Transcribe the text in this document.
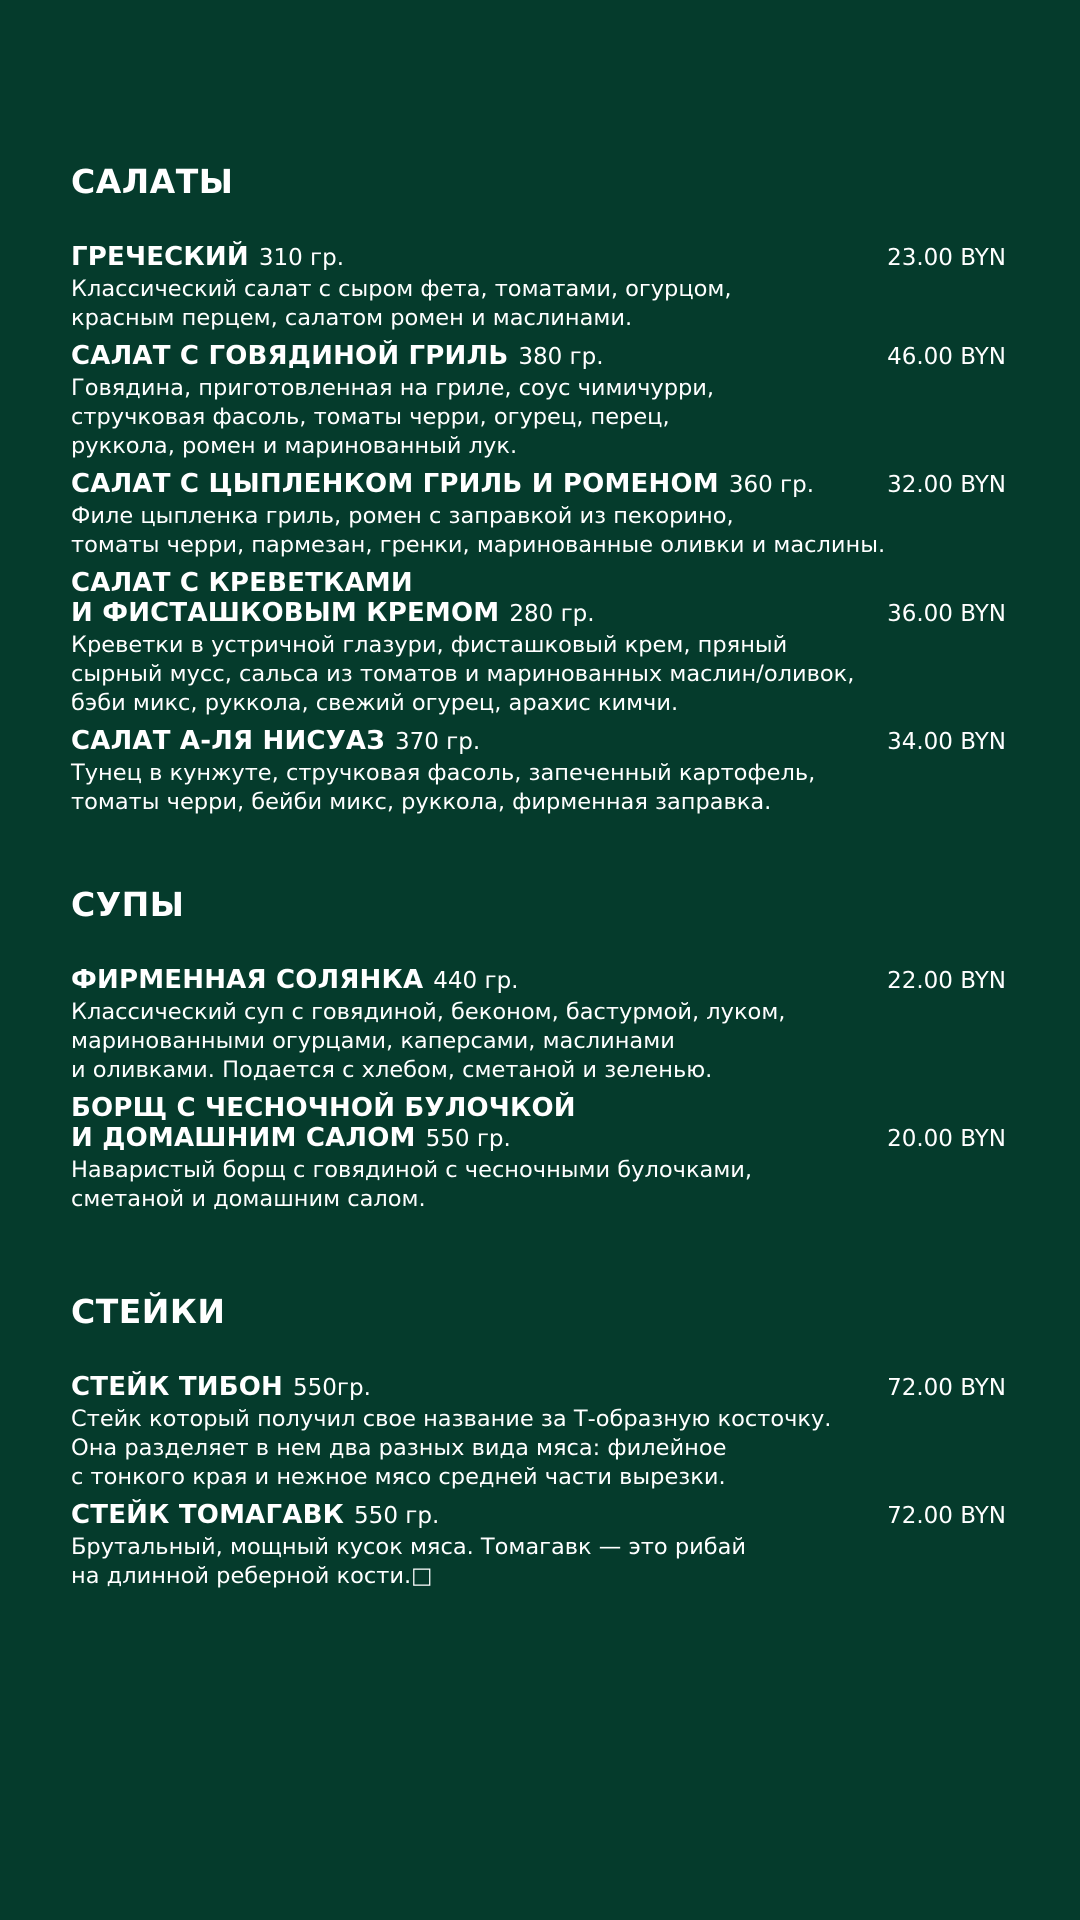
САЛАТЫ
ГРЕЧЕСКИЙ 310 гр.	23.00 BYN
Классический салат с сыром фета, томатами, огурцом,
красным перцем, салатом ромен и маслинами.
САЛАТ С ГОВЯДИНОЙ ГРИЛЬ 380 гр.	46.00 BYN
Говядина, приготовленная на гриле, соус чимичурри,
стручковая фасоль, томаты черри, огурец, перец,
руккола, ромен и маринованный лук.
САЛАТ С ЦЫПЛЕНКОМ ГРИЛЬ И РОМЕНОМ 360 гр.	32.00 BYN
Филе цыпленка гриль, ромен с заправкой из пекорино,
томаты черри, пармезан, гренки, маринованные оливки и маслины.
САЛАТ С КРЕВЕТКАМИ
И ФИСТАШКОВЫМ КРЕМОМ 280 гр.	36.00 BYN
Креветки в устричной глазури, фисташковый крем, пряный
сырный мусс, сальса из томатов и маринованных маслин/оливок,
бэби микс, руккола, свежий огурец, арахис кимчи.
САЛАТ А-ЛЯ НИСУАЗ 370 гр.	34.00 BYN
Тунец в кунжуте, стручковая фасоль, запеченный картофель,
томаты черри, бейби микс, руккола, фирменная заправка.
СУПЫ
ФИРМЕННАЯ СОЛЯНКА 440 гр.	22.00 BYN
Классический суп с говядиной, беконом, бастурмой, луком,
маринованными огурцами, каперсами, маслинами
и оливками. Подается с хлебом, сметаной и зеленью.
БОРЩ С ЧЕСНОЧНОЙ БУЛОЧКОЙ
И ДОМАШНИМ САЛОМ 550 гр.	20.00 BYN
Наваристый борщ с говядиной с чесночными булочками,
сметаной и домашним салом.
СТЕЙКИ
СТЕЙК ТИБОН 550гр.	72.00 BYN
Стейк который получил свое название за Т-образную косточку.
Она разделяет в нем два разных вида мяса: филейное
с тонкого края и нежное мясо средней части вырезки.
СТЕЙК ТОМАГАВК 550 гр.	72.00 BYN
Брутальный, мощный кусок мяса. Томагавк — это рибай
на длинной реберной кости.□
